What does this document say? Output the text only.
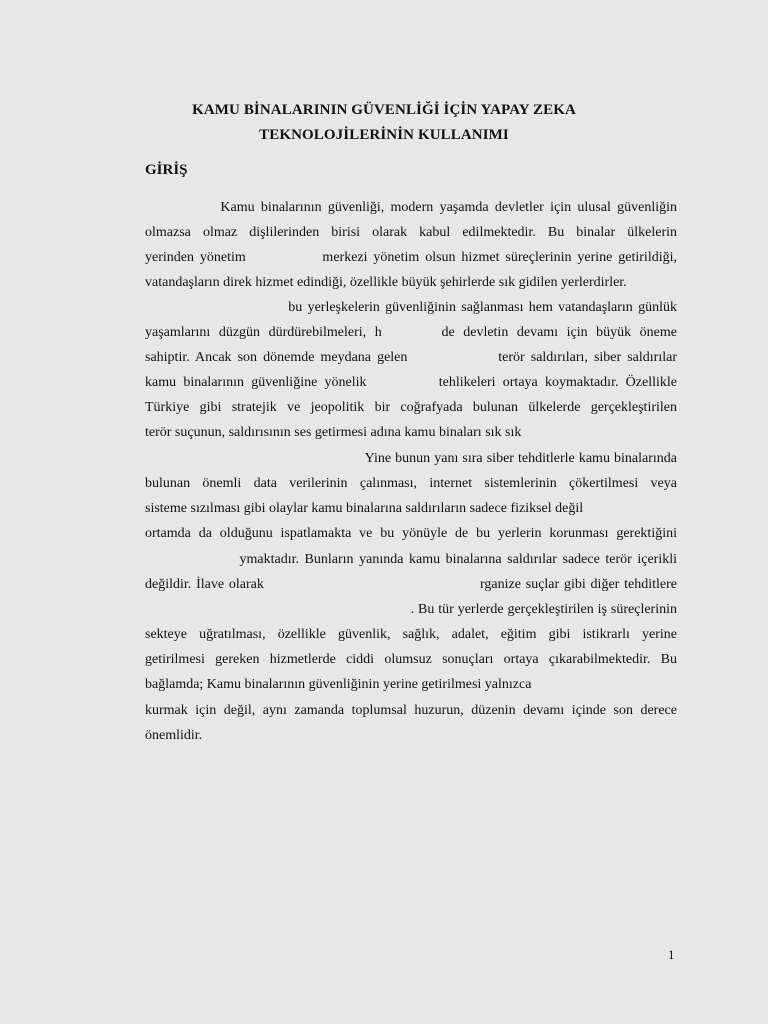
KAMU BİNALARININ GÜVENLİĞİ İÇİN YAPAY ZEKA
TEKNOLOJİLERİNİN KULLANIMI
GİRİŞ
Kamu binalarının güvenliği, modern yaşamda devletler için ulusal güvenliğin
olmazsa olmaz dişlilerinden birisi olarak kabul edilmektedir. Bu binalar ülkelerin
yerinden yönetim             merkezi yönetim olsun hizmet süreçlerinin yerine getirildiği,
vatandaşların direk hizmet edindiği, özellikle büyük şehirlerde sık gidilen yerlerdirler.
bu yerleşkelerin güvenliğinin sağlanması hem vatandaşların günlük
yaşamlarını düzgün dürdürebilmeleri, h       de devletin devamı için büyük öneme
sahiptir. Ancak son dönemde meydana gelen               terör saldırıları, siber saldırılar
kamu binalarının güvenliğine yönelik          tehlikeleri ortaya koymaktadır. Özellikle
Türkiye gibi stratejik ve jeopolitik bir coğrafyada bulunan ülkelerde gerçekleştirilen
terör suçunun, saldırısının ses getirmesi adına kamu binaları sık sık
Yine bunun yanı sıra siber tehditlerle kamu binalarında
bulunan önemli data verilerinin çalınması, internet sistemlerinin çökertilmesi veya
sisteme sızılması gibi olaylar kamu binalarına saldırıların sadece fiziksel değil
ortamda da olduğunu ispatlamakta ve bu yönüyle de bu yerlerin korunması gerektiğini
ymaktadır. Bunların yanında kamu binalarına saldırılar sadece terör içerikli
değildir. İlave olarak                                             rganize suçlar gibi diğer tehditlere
. Bu tür yerlerde gerçekleştirilen iş süreçlerinin
sekteye uğratılması, özellikle güvenlik, sağlık, adalet, eğitim gibi istikrarlı yerine
getirilmesi gereken hizmetlerde ciddi olumsuz sonuçları ortaya çıkarabilmektedir. Bu
bağlamda; Kamu binalarının güvenliğinin yerine getirilmesi yalnızca
kurmak için değil, aynı zamanda toplumsal huzurun, düzenin devamı içinde son derece
önemlidir.
1
